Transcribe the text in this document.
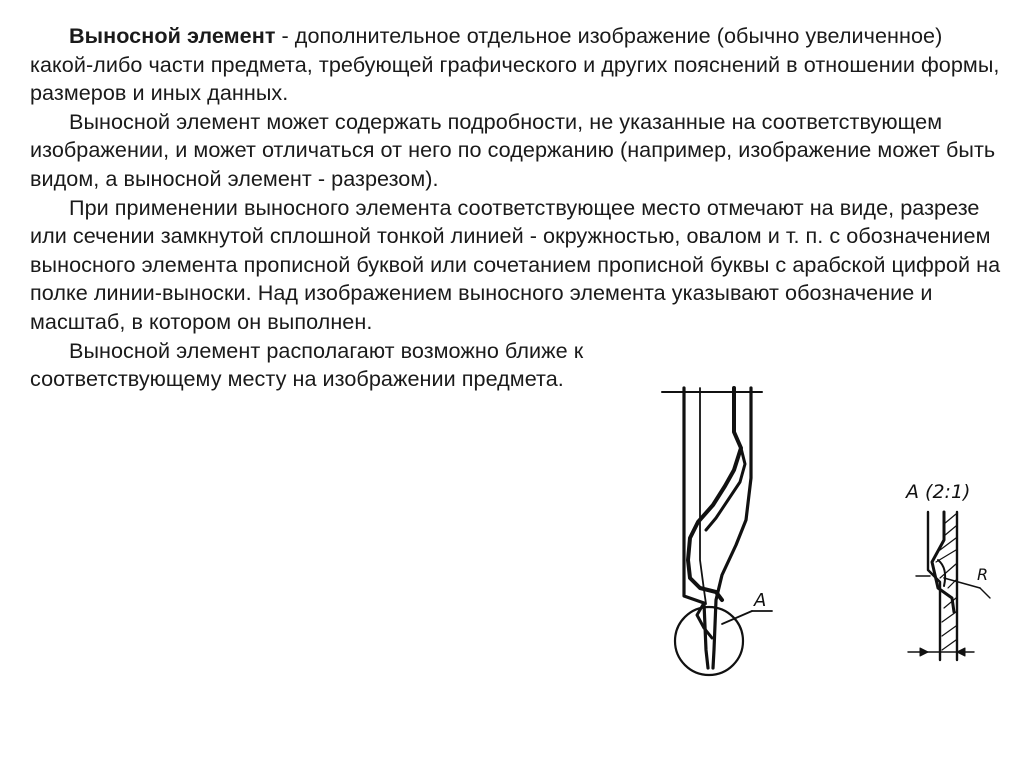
Выносной элемент - дополнительное отдельное изображение (обычно увеличенное) какой-либо части предмета, требующей графического и других пояснений в отношении формы, размеров и иных данных.

Выносной элемент может содержать подробности, не указанные на соответствующем изображении, и может отличаться от него по содержанию (например, изображение может быть видом, а выносной элемент - разрезом).

При применении выносного элемента соответствующее место отмечают на виде, разрезе или сечении замкнутой сплошной тонкой линией - окружностью, овалом и т. п. с обозначением выносного элемента прописной буквой или сочетанием прописной буквы с арабской цифрой на полке линии-выноски. Над изображением выносного элемента указывают обозначение и масштаб, в котором он выполнен.

Выносной элемент располагают возможно ближе к соответствующему месту на изображении предмета.

A
A (2:1)
R
